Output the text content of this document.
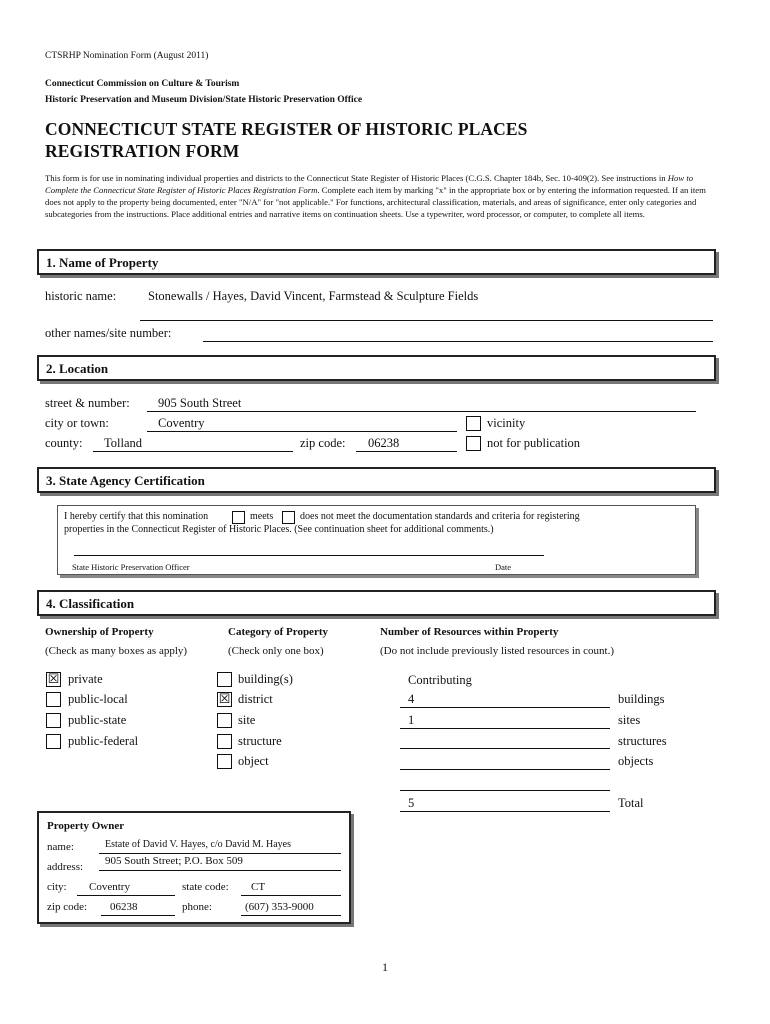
CTSRHP Nomination Form (August 2011)
Connecticut Commission on Culture & Tourism
Historic Preservation and Museum Division/State Historic Preservation Office
CONNECTICUT STATE REGISTER OF HISTORIC PLACES
REGISTRATION FORM
This form is for use in nominating individual properties and districts to the Connecticut State Register of Historic Places (C.G.S. Chapter 184b, Sec. 10-409(2). See instructions in How to Complete the Connecticut State Register of Historic Places Registration Form. Complete each item by marking "x" in the appropriate box or by entering the information requested. If an item does not apply to the property being documented, enter "N/A" for "not applicable." For functions, architectural classification, materials, and areas of significance, enter only categories and subcategories from the instructions. Place additional entries and narrative items on continuation sheets. Use a typewriter, word processor, or computer, to complete all items.
1. Name of Property
historic name:	Stonewalls / Hayes, David Vincent, Farmstead & Sculpture Fields
other names/site number:
2. Location
street & number: 905 South Street
city or town:	Coventry
county: Tolland	zip code: 06238
vicinity
not for publication
3. State Agency Certification
I hereby certify that this nomination	meets	does not meet the documentation standards and criteria for registering
properties in the Connecticut Register of Historic Places. (See continuation sheet for additional comments.)
State Historic Preservation Officer	Date
4. Classification
Ownership of Property
(Check as many boxes as apply)
☒ private
public-local
public-state
public-federal
Category of Property
(Check only one box)
building(s)
☒ district
site
structure
object
Number of Resources within Property
(Do not include previously listed resources in count.)
Contributing
4	buildings
1	sites
structures
objects
5	Total
Property Owner
name:	Estate of David V. Hayes, c/o David M. Hayes
address: 905 South Street; P.O. Box 509
city: Coventry	state code: CT
zip code: 06238	phone:	(607) 353-9000
1
